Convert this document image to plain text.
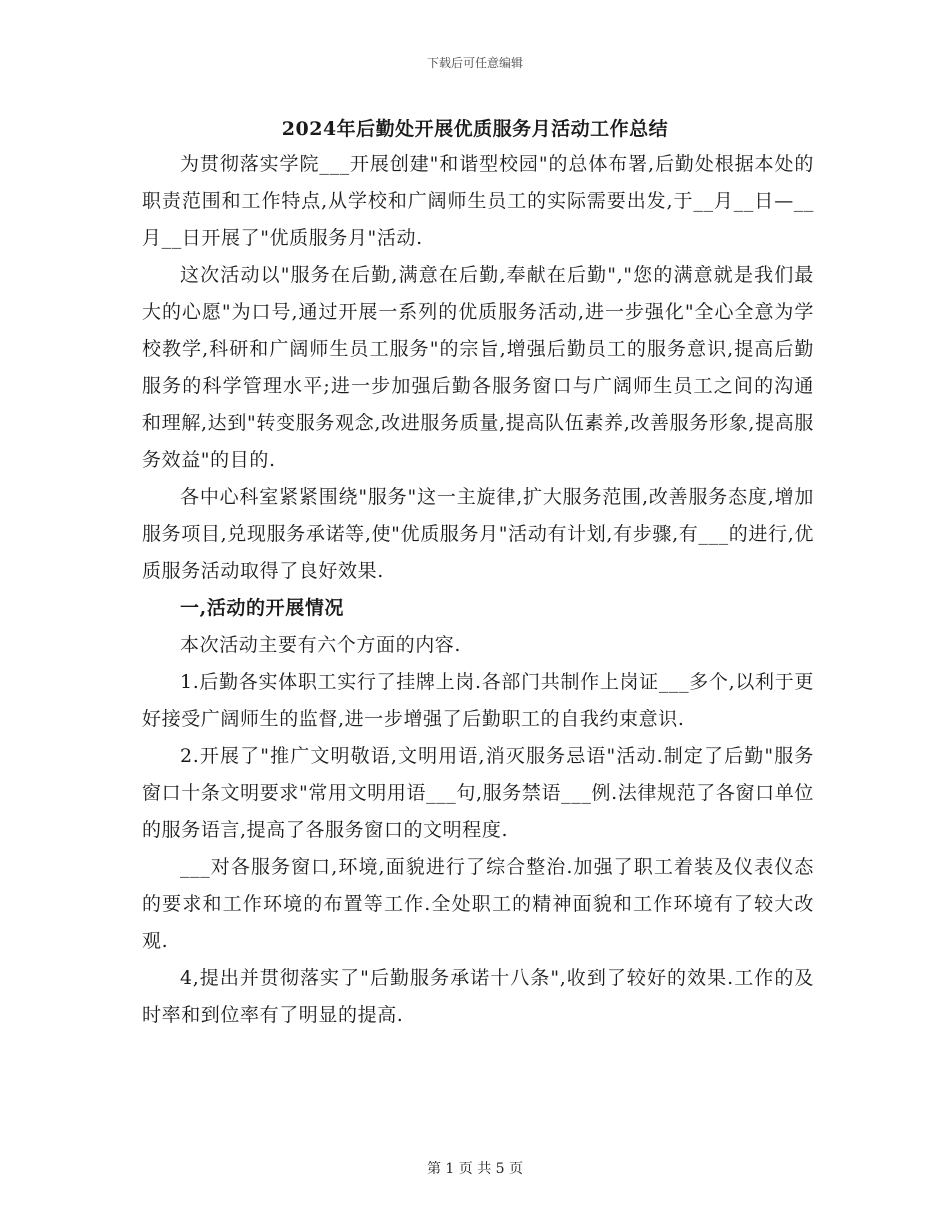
下载后可任意编辑
2024年后勤处开展优质服务月活动工作总结

为贯彻落实学院___开展创建"和谐型校园"的总体布署,后勤处根据本处的职责范围和工作特点,从学校和广阔师生员工的实际需要出发,于__月__日—__月__日开展了"优质服务月"活动.

这次活动以"服务在后勤,满意在后勤,奉献在后勤","您的满意就是我们最大的心愿"为口号,通过开展一系列的优质服务活动,进一步强化"全心全意为学校教学,科研和广阔师生员工服务"的宗旨,增强后勤员工的服务意识,提高后勤服务的科学管理水平;进一步加强后勤各服务窗口与广阔师生员工之间的沟通和理解,达到"转变服务观念,改进服务质量,提高队伍素养,改善服务形象,提高服务效益"的目的.

各中心科室紧紧围绕"服务"这一主旋律,扩大服务范围,改善服务态度,增加服务项目,兑现服务承诺等,使"优质服务月"活动有计划,有步骤,有___的进行,优质服务活动取得了良好效果.

一,活动的开展情况

本次活动主要有六个方面的内容.

1.后勤各实体职工实行了挂牌上岗.各部门共制作上岗证___多个,以利于更好接受广阔师生的监督,进一步增强了后勤职工的自我约束意识.

2.开展了"推广文明敬语,文明用语,消灭服务忌语"活动.制定了后勤"服务窗口十条文明要求"常用文明用语___句,服务禁语___例.法律规范了各窗口单位的服务语言,提高了各服务窗口的文明程度.

___对各服务窗口,环境,面貌进行了综合整治.加强了职工着装及仪表仪态的要求和工作环境的布置等工作.全处职工的精神面貌和工作环境有了较大改观.

4,提出并贯彻落实了"后勤服务承诺十八条",收到了较好的效果.工作的及时率和到位率有了明显的提高.

第 1 页 共 5 页
